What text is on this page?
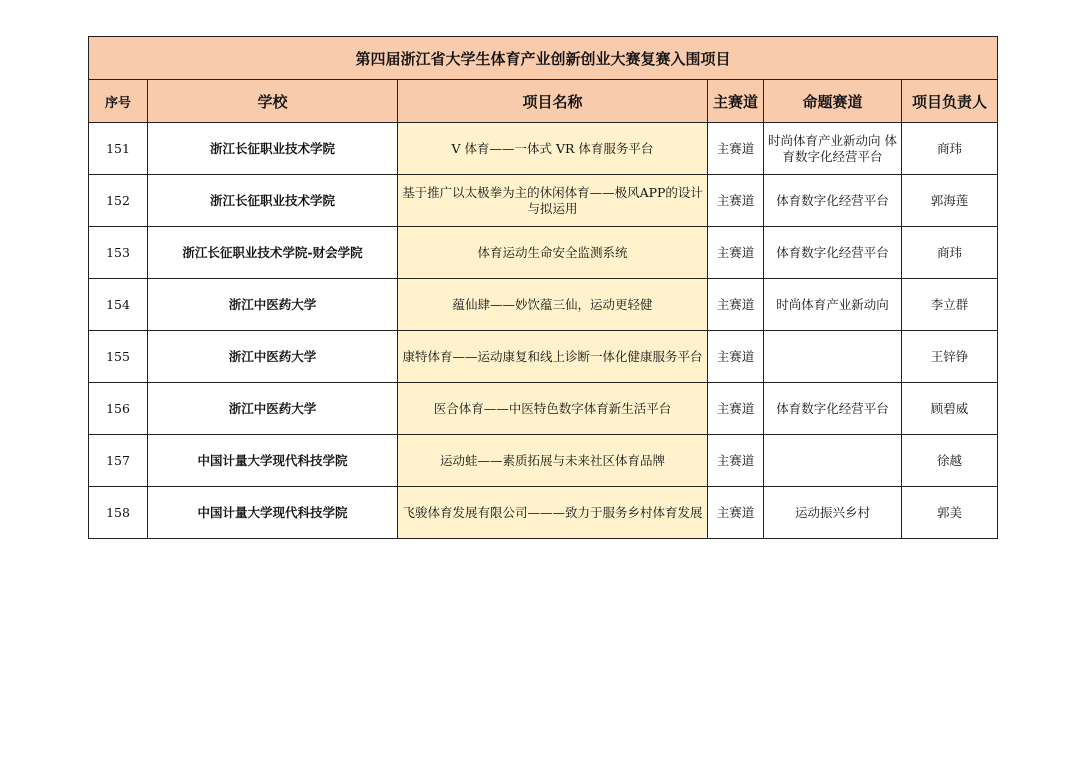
第四届浙江省大学生体育产业创新创业大赛复赛入围项目					
序号	学校	项目名称	主赛道	命题赛道	项目负责人
151	浙江长征职业技术学院	V 体育——一体式 VR 体育服务平台	主赛道	时尚体育产业新动向 体育数字化经营平台	商玮
152	浙江长征职业技术学院	基于推广以太极拳为主的休闲体育——极风APP的设计与拟运用	主赛道	体育数字化经营平台	郭海莲
153	浙江长征职业技术学院-财会学院	体育运动生命安全监测系统	主赛道	体育数字化经营平台	商玮
154	浙江中医药大学	蕴仙肆——妙饮蕴三仙，运动更轻健	主赛道	时尚体育产业新动向	李立群
155	浙江中医药大学	康特体育——运动康复和线上诊断一体化健康服务平台	主赛道		王锌铮
156	浙江中医药大学	医合体育——中医特色数字体育新生活平台	主赛道	体育数字化经营平台	顾碧威
157	中国计量大学现代科技学院	运动蛙——素质拓展与未来社区体育品牌	主赛道		徐越
158	中国计量大学现代科技学院	飞骏体育发展有限公司———致力于服务乡村体育发展	主赛道	运动振兴乡村	郭美
